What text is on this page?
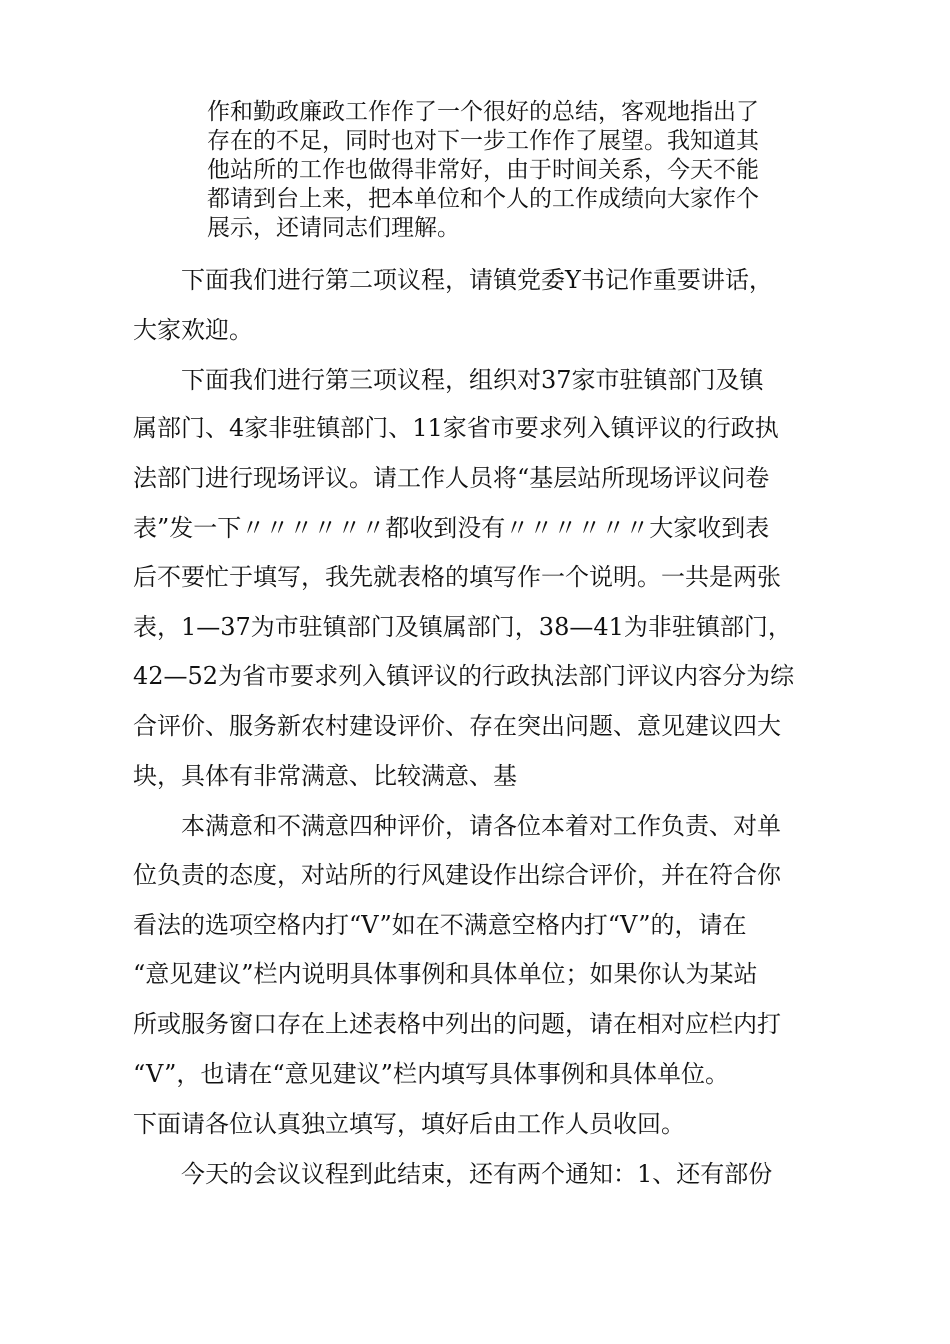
作和勤政廉政工作作了一个很好的总结，客观地指出了
存在的不足，同时也对下一步工作作了展望。我知道其
他站所的工作也做得非常好，由于时间关系，今天不能
都请到台上来，把本单位和个人的工作成绩向大家作个
展示，还请同志们理解。
　　下面我们进行第二项议程，请镇党委Y书记作重要讲话，
大家欢迎。
　　下面我们进行第三项议程，组织对37家市驻镇部门及镇
属部门、4家非驻镇部门、11家省市要求列入镇评议的行政执
法部门进行现场评议。请工作人员将“基层站所现场评议问卷
表”发一下〃〃〃〃〃〃都收到没有〃〃〃〃〃〃大家收到表
后不要忙于填写，我先就表格的填写作一个说明。一共是两张
表，1—37为市驻镇部门及镇属部门，38—41为非驻镇部门，
42—52为省市要求列入镇评议的行政执法部门评议内容分为综
合评价、服务新农村建设评价、存在突出问题、意见建议四大
块，具体有非常满意、比较满意、基
　　本满意和不满意四种评价，请各位本着对工作负责、对单
位负责的态度，对站所的行风建设作出综合评价，并在符合你
看法的选项空格内打“V”如在不满意空格内打“V”的，请在
“意见建议”栏内说明具体事例和具体单位；如果你认为某站
所或服务窗口存在上述表格中列出的问题，请在相对应栏内打
“V”，也请在“意见建议”栏内填写具体事例和具体单位。
下面请各位认真独立填写，填好后由工作人员收回。
　　今天的会议议程到此结束，还有两个通知：1、还有部份
